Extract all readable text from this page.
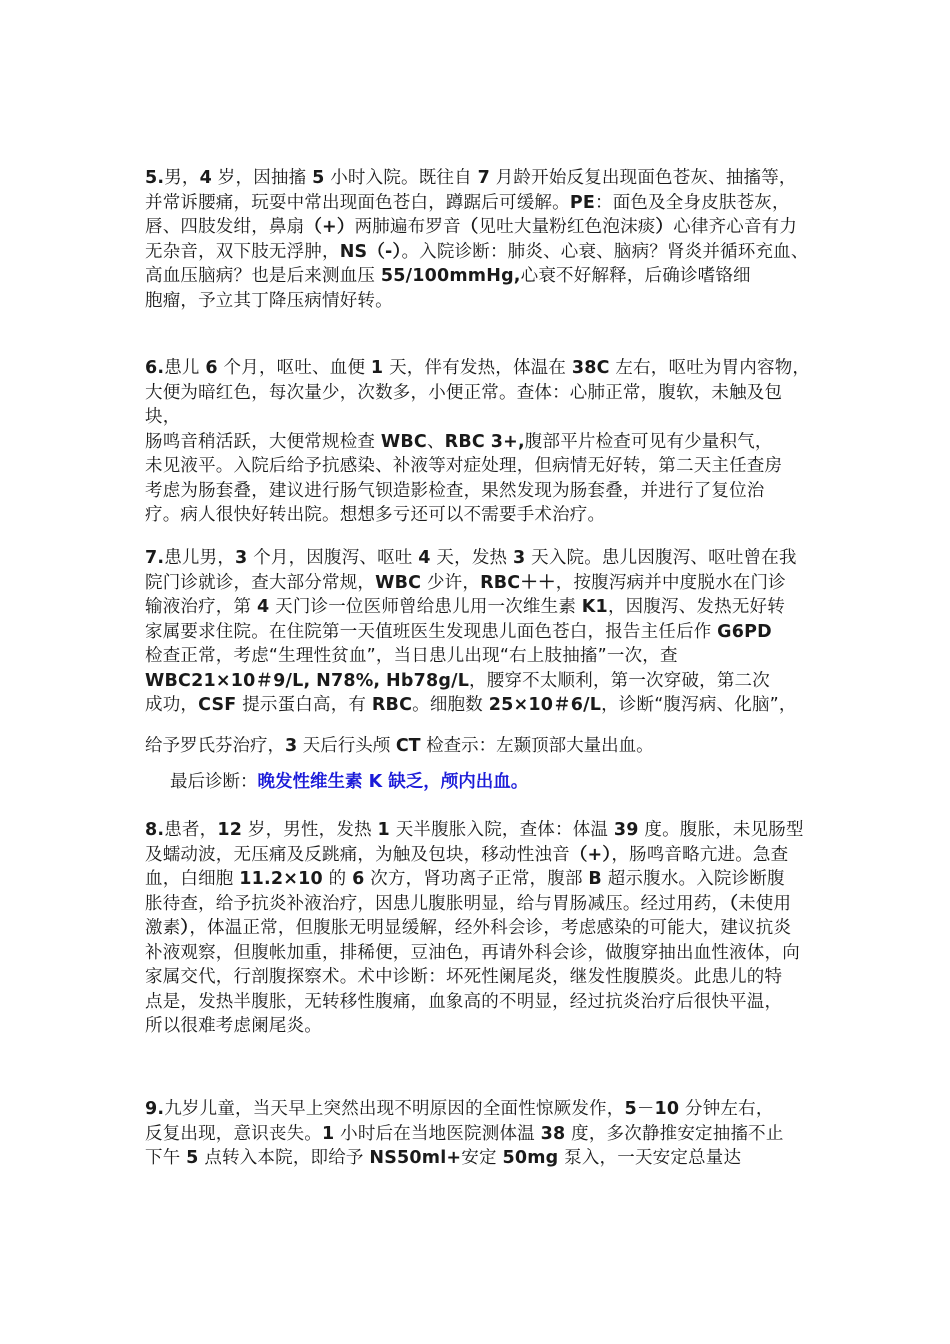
5.男，4 岁，因抽搐 5 小时入院。既往自 7 月龄开始反复出现面色苍灰、抽搐等，
并常诉腰痛，玩耍中常出现面色苍白，蹲踞后可缓解。PE：面色及全身皮肤苍灰，
唇、四肢发绀，鼻扇（+）两肺遍布罗音（见吐大量粉红色泡沫痰）心律齐心音有力
无杂音，双下肢无浮肿，NS（-）。入院诊断：肺炎、心衰、脑病？肾炎并循环充血、
高血压脑病？也是后来测血压 55/100mmHg,心衰不好解释，后确诊嗜铬细
胞瘤，予立其丁降压病情好转。

6.患儿 6 个月，呕吐、血便 1 天，伴有发热，体温在 38C 左右，呕吐为胃内容物，
大便为暗红色，每次量少，次数多，小便正常。查体：心肺正常，腹软，未触及包块，
肠鸣音稍活跃，大便常规检查 WBC、RBC 3+,腹部平片检查可见有少量积气，
未见液平。入院后给予抗感染、补液等对症处理，但病情无好转，第二天主任查房
考虑为肠套叠，建议进行肠气钡造影检查，果然发现为肠套叠，并进行了复位治
疗。病人很快好转出院。想想多亏还可以不需要手术治疗。

7.患儿男，3 个月，因腹泻、呕吐 4 天，发热 3 天入院。患儿因腹泻、呕吐曾在我
院门诊就诊，查大部分常规，WBC 少许，RBC＋＋，按腹泻病并中度脱水在门诊
输液治疗，第 4 天门诊一位医师曾给患儿用一次维生素 K1，因腹泻、发热无好转
家属要求住院。在住院第一天值班医生发现患儿面色苍白，报告主任后作 G6PD
检查正常，考虑“生理性贫血”，当日患儿出现“右上肢抽搐”一次，查
WBC21×10＃9/L, N78%, Hb78g/L，腰穿不太顺利，第一次穿破，第二次
成功，CSF 提示蛋白高，有 RBC。细胞数 25×10＃6/L，诊断“腹泻病、化脑”，

给予罗氏芬治疗，3 天后行头颅 CT 检查示：左颞顶部大量出血。

最后诊断：晚发性维生素 K 缺乏，颅内出血。

8.患者，12 岁，男性，发热 1 天半腹胀入院，查体：体温 39 度。腹胀，未见肠型
及蠕动波，无压痛及反跳痛，为触及包块，移动性浊音（+），肠鸣音略亢进。急查
血，白细胞 11.2×10 的 6 次方，肾功离子正常，腹部 B 超示腹水。入院诊断腹
胀待查，给予抗炎补液治疗，因患儿腹胀明显，给与胃肠减压。经过用药，（未使用
激素），体温正常，但腹胀无明显缓解，经外科会诊，考虑感染的可能大，建议抗炎
补液观察，但腹帐加重，排稀便，豆油色，再请外科会诊，做腹穿抽出血性液体，向
家属交代，行剖腹探察术。术中诊断：坏死性阑尾炎，继发性腹膜炎。此患儿的特
点是，发热半腹胀，无转移性腹痛，血象高的不明显，经过抗炎治疗后很快平温，
所以很难考虑阑尾炎。

9.九岁儿童，当天早上突然出现不明原因的全面性惊厥发作，5－10 分钟左右，
反复出现，意识丧失。1 小时后在当地医院测体温 38 度，多次静推安定抽搐不止
下午 5 点转入本院，即给予 NS50ml+安定 50mg 泵入，一天安定总量达
